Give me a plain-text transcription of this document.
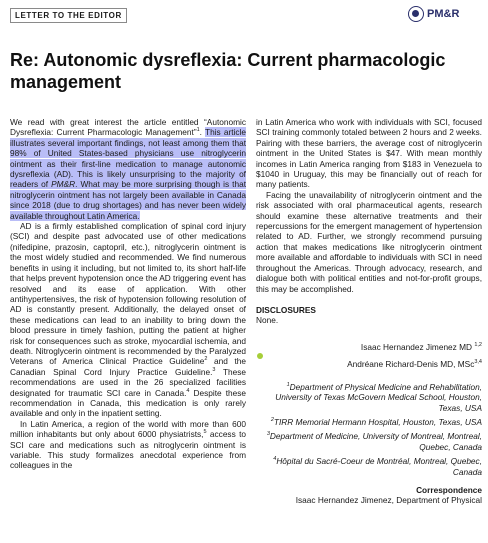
LETTER TO THE EDITOR	PM&R
Re: Autonomic dysreflexia: Current pharmacologic management

We read with great interest the article entitled “Autonomic Dysreflexia: Current Pharmacologic Management”$^1$. This article illustrates several important findings, not least among them that 98% of United States-based physicians use nitroglycerin ointment as their first-line medication to manage autonomic dysreflexia (AD). This is likely unsurprising to the majority of readers of PM&R. What may be more surprising though is that nitroglycerin ointment has not largely been available in Canada since 2018 (due to drug shortages) and has never been widely available throughout Latin America.

AD is a firmly established complication of spinal cord injury (SCI) and despite past advocated use of other medications (nifedipine, prazosin, captopril, etc.), nitroglycerin ointment is the most widely studied and recommended. We find numerous benefits in using it including, but not limited to, its short half-life that helps prevent hypotension once the AD triggering event has resolved and its ease of application. With other antihypertensives, the risk of hypotension following resolution of AD is constantly present. Additionally, the delayed onset of these medications can lead to an inability to bring down the blood pressure in timely fashion, putting the patient at higher risk for consequences such as stroke, myocardial ischemia, and death. Nitroglycerin ointment is recommended by the Paralyzed Veterans of America Clinical Practice Guideline$^2$ and the Canadian Spinal Cord Injury Practice Guideline.$^3$ These recommendations are used in the 26 specialized facilities designated for traumatic SCI care in Canada.$^4$ Despite these recommendation in Canada, this medication is only rarely available and only in the inpatient setting.

In Latin America, a region of the world with more than 600 million inhabitants but only about 6000 physiatrists,$^5$ access to SCI care and medications such as nitroglycerin ointment is variable. This study formalizes anecdotal experience from colleagues in the

in Latin America who work with individuals with SCI, focused SCI training commonly totaled between 2 hours and 2 weeks. Pairing with these barriers, the average cost of nitroglycerin ointment in the United States is $47. With mean monthly incomes in Latin America ranging from $183 in Venezuela to $1040 in Uruguay, this may be financially out of reach for many patients.

Facing the unavailability of nitroglycerin ointment and the risk associated with oral pharmaceutical agents, research should examine these alternative treatments and their repercussions for the emergent management of hypertension related to AD. Further, we strongly recommend pursuing action that makes medications like nitroglycerin ointment more available and affordable to individuals with SCI in need throughout the Americas. Through advocacy, research, and dialogue both with political entities and not-for-profit groups, this may be accomplished.

DISCLOSURES

None.

Isaac Hernandez Jimenez MD $^{1,2}$
Andréane Richard-Denis MD, MSc$^{3,4}$

$^1$Department of Physical Medicine and Rehabilitation, University of Texas McGovern Medical School, Houston, Texas, USA
$^2$TIRR Memorial Hermann Hospital, Houston, Texas, USA
$^3$Department of Medicine, University of Montreal, Montreal, Quebec, Canada
$^4$Hôpital du Sacré-Coeur de Montréal, Montreal, Quebec, Canada

Correspondence

Isaac Hernandez Jimenez, Department of Physical
